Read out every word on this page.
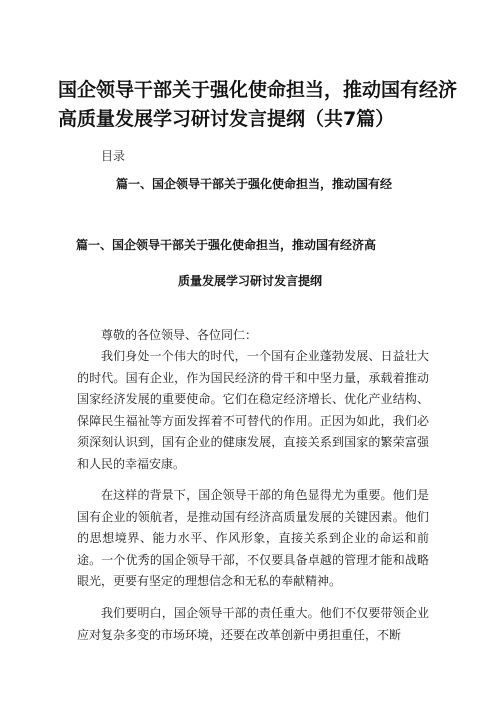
国企领导干部关于强化使命担当，推动国有经济高质量发展学习研讨发言提纲（共7篇）
目录
篇一、国企领导干部关于强化使命担当，推动国有经
篇一、国企领导干部关于强化使命担当，推动国有经济高
质量发展学习研讨发言提纲
尊敬的各位领导、各位同仁：

我们身处一个伟大的时代，一个国有企业蓬勃发展、日益壮大的时代。国有企业，作为国民经济的骨干和中坚力量，承载着推动国家经济发展的重要使命。它们在稳定经济增长、优化产业结构、保障民生福祉等方面发挥着不可替代的作用。正因为如此，我们必须深刻认识到，国有企业的健康发展，直接关系到国家的繁荣富强和人民的幸福安康。

在这样的背景下，国企领导干部的角色显得尤为重要。他们是国有企业的领航者，是推动国有经济高质量发展的关键因素。他们的思想境界、能力水平、作风形象，直接关系到企业的命运和前途。一个优秀的国企领导干部，不仅要具备卓越的管理才能和战略眼光，更要有坚定的理想信念和无私的奉献精神。

我们要明白，国企领导干部的责任重大。他们不仅要带领企业应对复杂多变的市场环境，还要在改革创新中勇担重任，不断
